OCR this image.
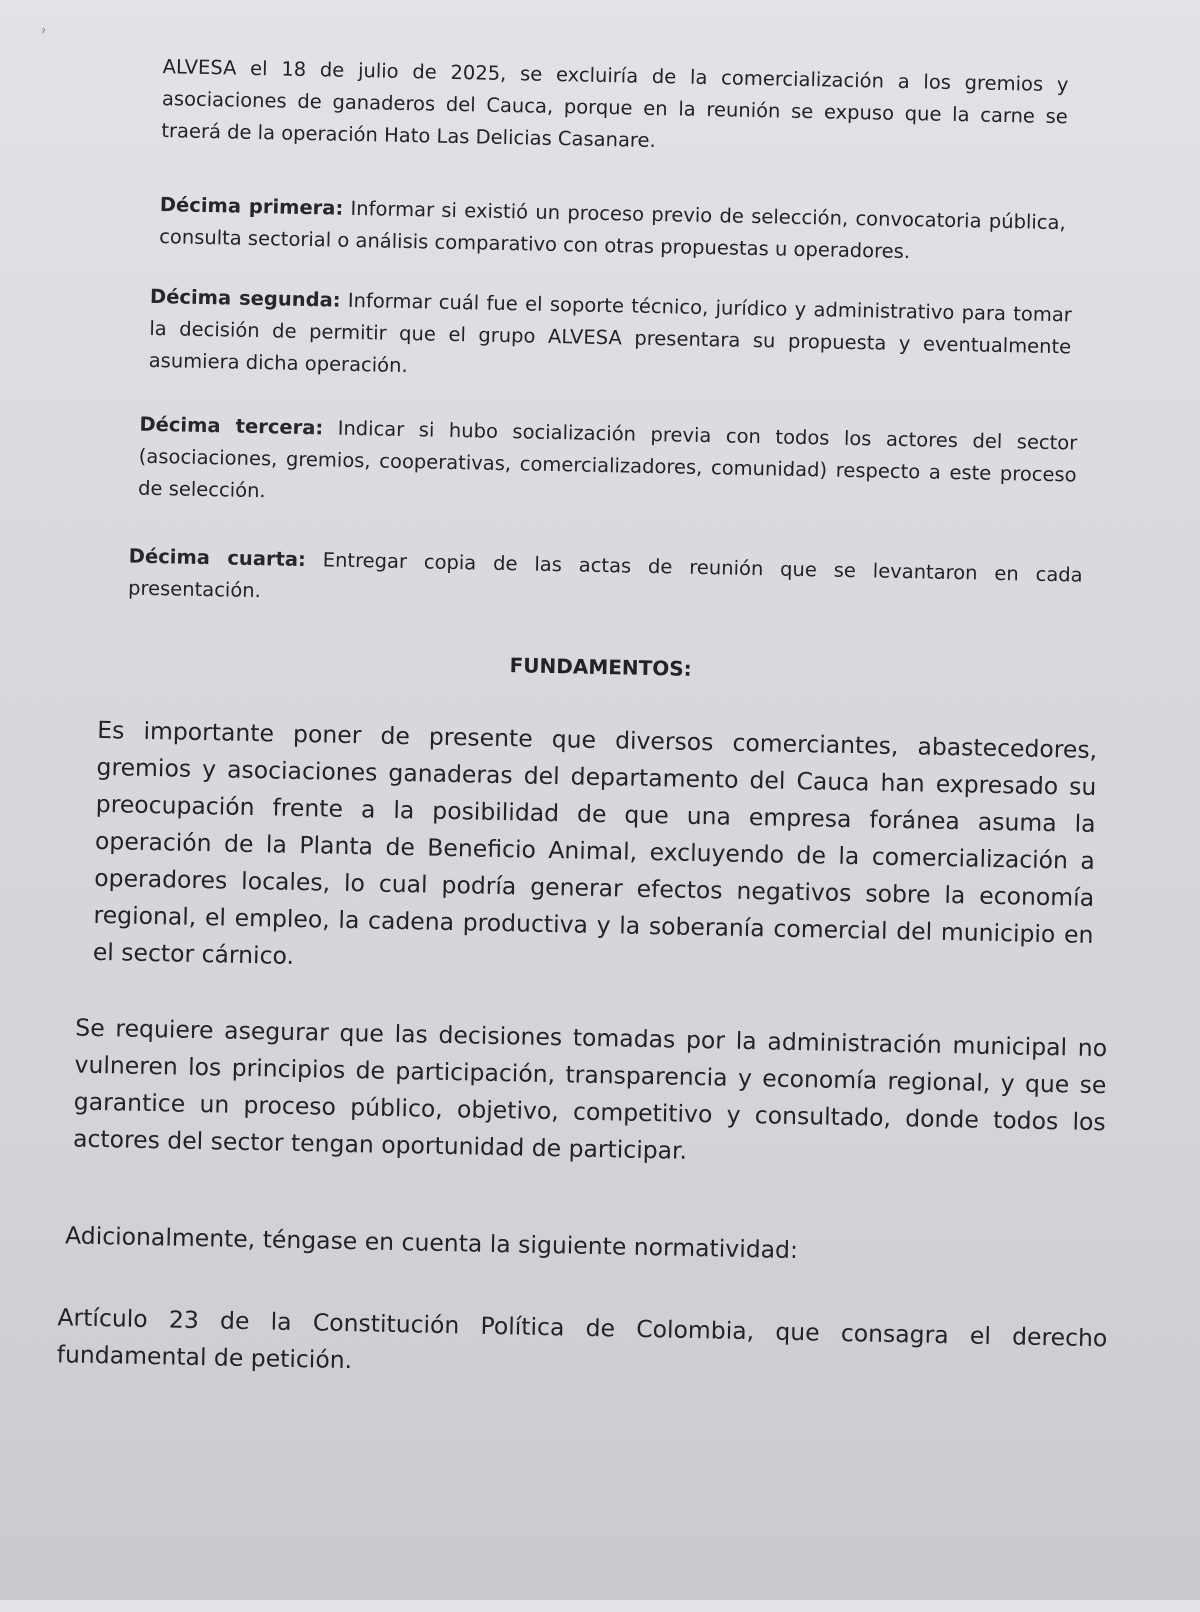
ˀ

ALVESA el 18 de julio de 2025, se excluiría de la comercialización a los gremios y asociaciones de ganaderos del Cauca, porque en la reunión se expuso que la carne se traerá de la operación Hato Las Delicias Casanare.

Décima primera: Informar si existió un proceso previo de selección, convocatoria pública, consulta sectorial o análisis comparativo con otras propuestas u operadores.

Décima segunda: Informar cuál fue el soporte técnico, jurídico y administrativo para tomar la decisión de permitir que el grupo ALVESA presentara su propuesta y eventualmente asumiera dicha operación.

Décima tercera: Indicar si hubo socialización previa con todos los actores del sector (asociaciones, gremios, cooperativas, comercializadores, comunidad) respecto a este proceso de selección.

Décima cuarta: Entregar copia de las actas de reunión que se levantaron en cada presentación.

FUNDAMENTOS:

Es importante poner de presente que diversos comerciantes, abastecedores, gremios y asociaciones ganaderas del departamento del Cauca han expresado su preocupación frente a la posibilidad de que una empresa foránea asuma la operación de la Planta de Beneficio Animal, excluyendo de la comercialización a operadores locales, lo cual podría generar efectos negativos sobre la economía regional, el empleo, la cadena productiva y la soberanía comercial del municipio en el sector cárnico.

Se requiere asegurar que las decisiones tomadas por la administración municipal no vulneren los principios de participación, transparencia y economía regional, y que se garantice un proceso público, objetivo, competitivo y consultado, donde todos los actores del sector tengan oportunidad de participar.

Adicionalmente, téngase en cuenta la siguiente normatividad:

Artículo 23 de la Constitución Política de Colombia, que consagra el derecho fundamental de petición.
